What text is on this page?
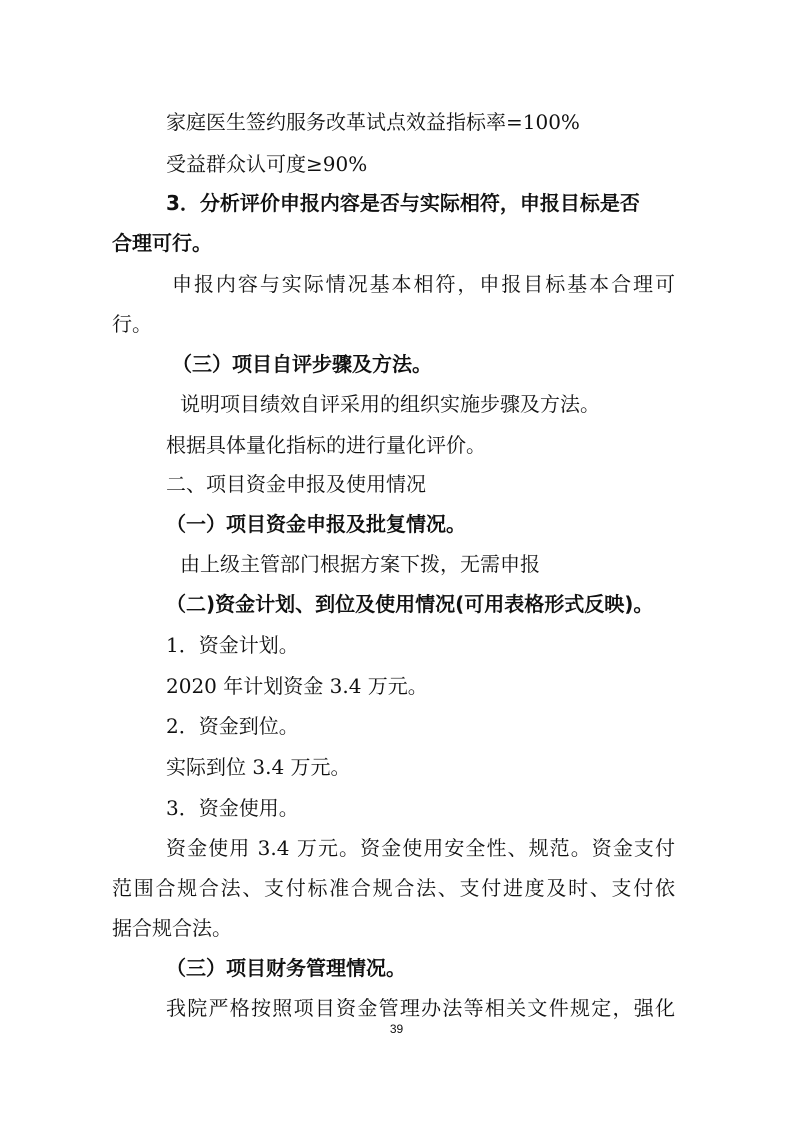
家庭医生签约服务改革试点效益指标率=100%
受益群众认可度≥90%
3．分析评价申报内容是否与实际相符，申报目标是否
合理可行。
申报内容与实际情况基本相符，申报目标基本合理可
行。
（三）项目自评步骤及方法。
说明项目绩效自评采用的组织实施步骤及方法。
根据具体量化指标的进行量化评价。
二、项目资金申报及使用情况
（一）项目资金申报及批复情况。
由上级主管部门根据方案下拨，无需申报
（二)资金计划、到位及使用情况(可用表格形式反映)。
1．资金计划。
2020 年计划资金 3.4 万元。
2．资金到位。
实际到位 3.4 万元。
3．资金使用。
资金使用 3.4 万元。资金使用安全性、规范。资金支付
范围合规合法、支付标准合规合法、支付进度及时、支付依
据合规合法。
（三）项目财务管理情况。
我院严格按照项目资金管理办法等相关文件规定，强化
39
